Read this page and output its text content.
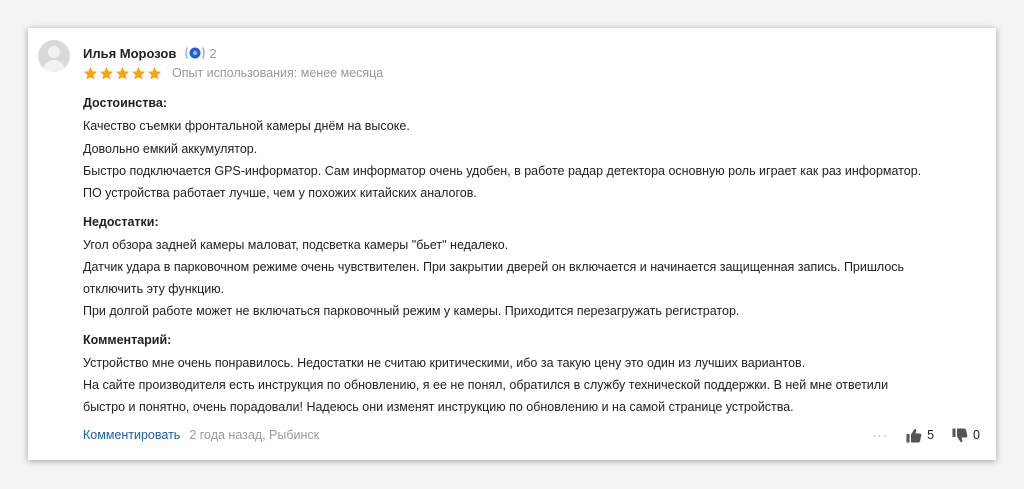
Илья Морозов	2
Опыт использования: менее месяца
Достоинства:
Качество съемки фронтальной камеры днём на высоке.
Довольно емкий аккумулятор.
Быстро подключается GPS-информатор. Сам информатор очень удобен, в работе радар детектора основную роль играет как раз информатор.
ПО устройства работает лучше, чем у похожих китайских аналогов.
Недостатки:
Угол обзора задней камеры маловат, подсветка камеры "бьет" недалеко.
Датчик удара в парковочном режиме очень чувствителен. При закрытии дверей он включается и начинается защищенная запись. Пришлось
отключить эту функцию.
При долгой работе может не включаться парковочный режим у камеры. Приходится перезагружать регистратор.
Комментарий:
Устройство мне очень понравилось. Недостатки не считаю критическими, ибо за такую цену это один из лучших вариантов.
На сайте производителя есть инструкция по обновлению, я ее не понял, обратился в службу технической поддержки. В ней мне ответили
быстро и понятно, очень порадовали! Надеюсь они изменят инструкцию по обновлению и на самой странице устройства.
Комментировать 2 года назад, Рыбинск	···	5	0
